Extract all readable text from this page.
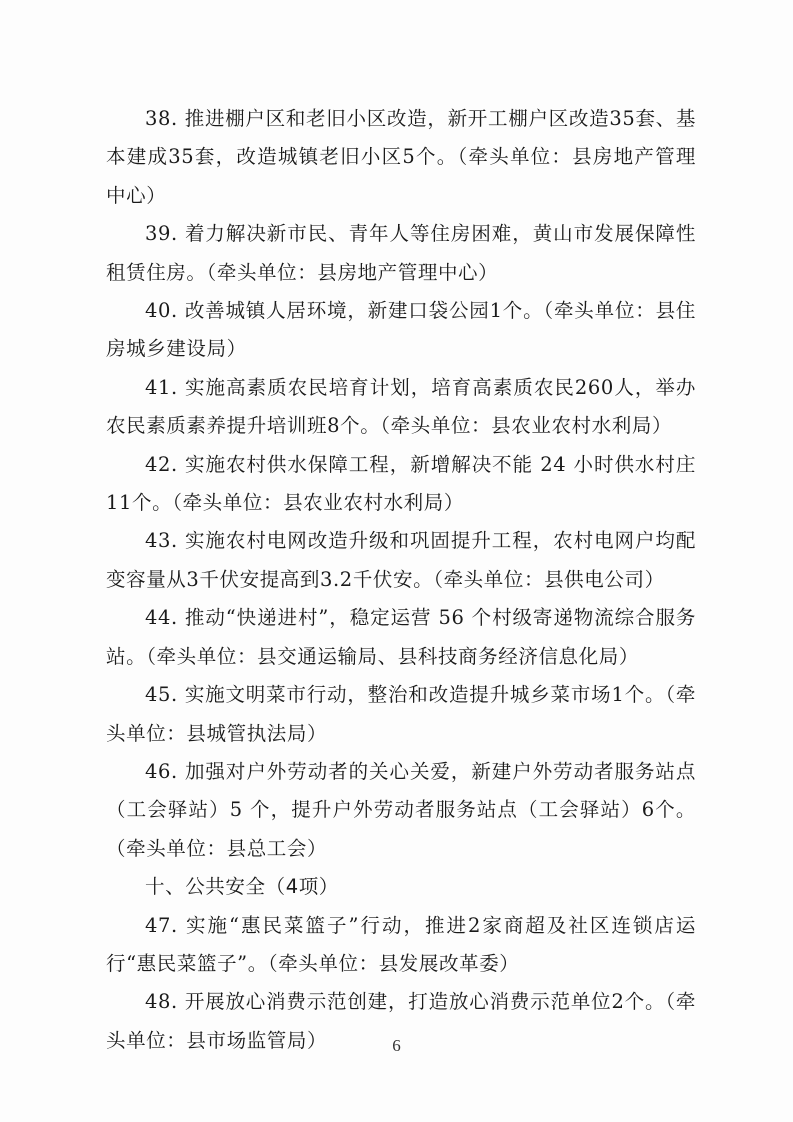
38. 推进棚户区和老旧小区改造，新开工棚户区改造35套、基本建成35套，改造城镇老旧小区5个。（牵头单位：县房地产管理中心）

39. 着力解决新市民、青年人等住房困难，黄山市发展保障性租赁住房。（牵头单位：县房地产管理中心）

40. 改善城镇人居环境，新建口袋公园1个。（牵头单位：县住房城乡建设局）

41. 实施高素质农民培育计划，培育高素质农民260人，举办农民素质素养提升培训班8个。（牵头单位：县农业农村水利局）

42. 实施农村供水保障工程，新增解决不能 24 小时供水村庄11个。（牵头单位：县农业农村水利局）

43. 实施农村电网改造升级和巩固提升工程，农村电网户均配变容量从3千伏安提高到3.2千伏安。（牵头单位：县供电公司）

44. 推动“快递进村”，稳定运营 56 个村级寄递物流综合服务站。（牵头单位：县交通运输局、县科技商务经济信息化局）

45. 实施文明菜市行动，整治和改造提升城乡菜市场1个。（牵头单位：县城管执法局）

46. 加强对户外劳动者的关心关爱，新建户外劳动者服务站点（工会驿站）5 个，提升户外劳动者服务站点（工会驿站）6个。（牵头单位：县总工会）

十、公共安全（4项）

47. 实施“惠民菜篮子”行动，推进2家商超及社区连锁店运行“惠民菜篮子”。（牵头单位：县发展改革委）

48. 开展放心消费示范创建，打造放心消费示范单位2个。（牵头单位：县市场监管局）	6
